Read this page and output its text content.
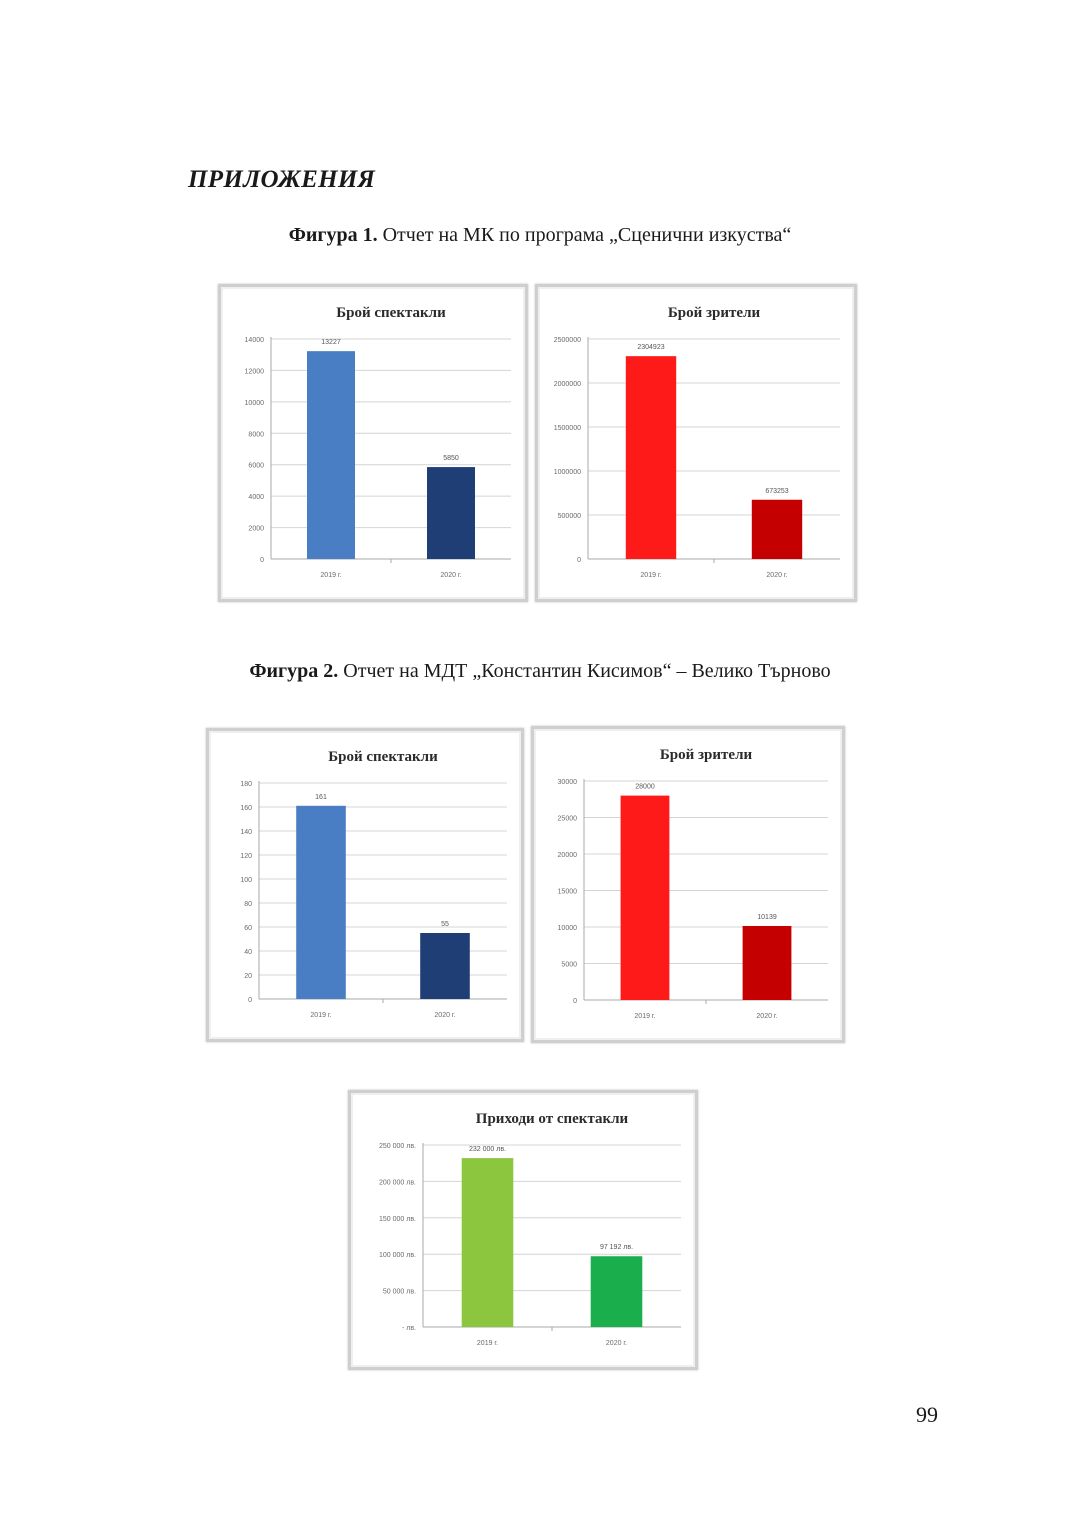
ПРИЛОЖЕНИЯ

Фигура 1. Отчет на МК по програма „Сценични изкуства“

Брой спектакли
0
2000
4000
6000
8000
10000
12000
14000	13227
2019 г.
5850
2020 г.
Брой зрители
0
500000
1000000
1500000
2000000
2500000
2304923
2019 г.
673253
2020 г.

Фигура 2. Отчет на МДТ „Константин Кисимов“ – Велико Търново

Брой спектакли
0
20
40
60
80
100
120
140
160
180
161
2019 г.
55
2020 г.
Брой зрители
0
5000
10000
15000
20000
25000
30000
28000
2019 г.
10139
2020 г.
Приходи от спектакли
- лв.
50 000 лв.
100 000 лв.
150 000 лв.
200 000 лв.
250 000 лв.	232 000 лв.
2019 г.
97 192 лв.
2020 г.
99
